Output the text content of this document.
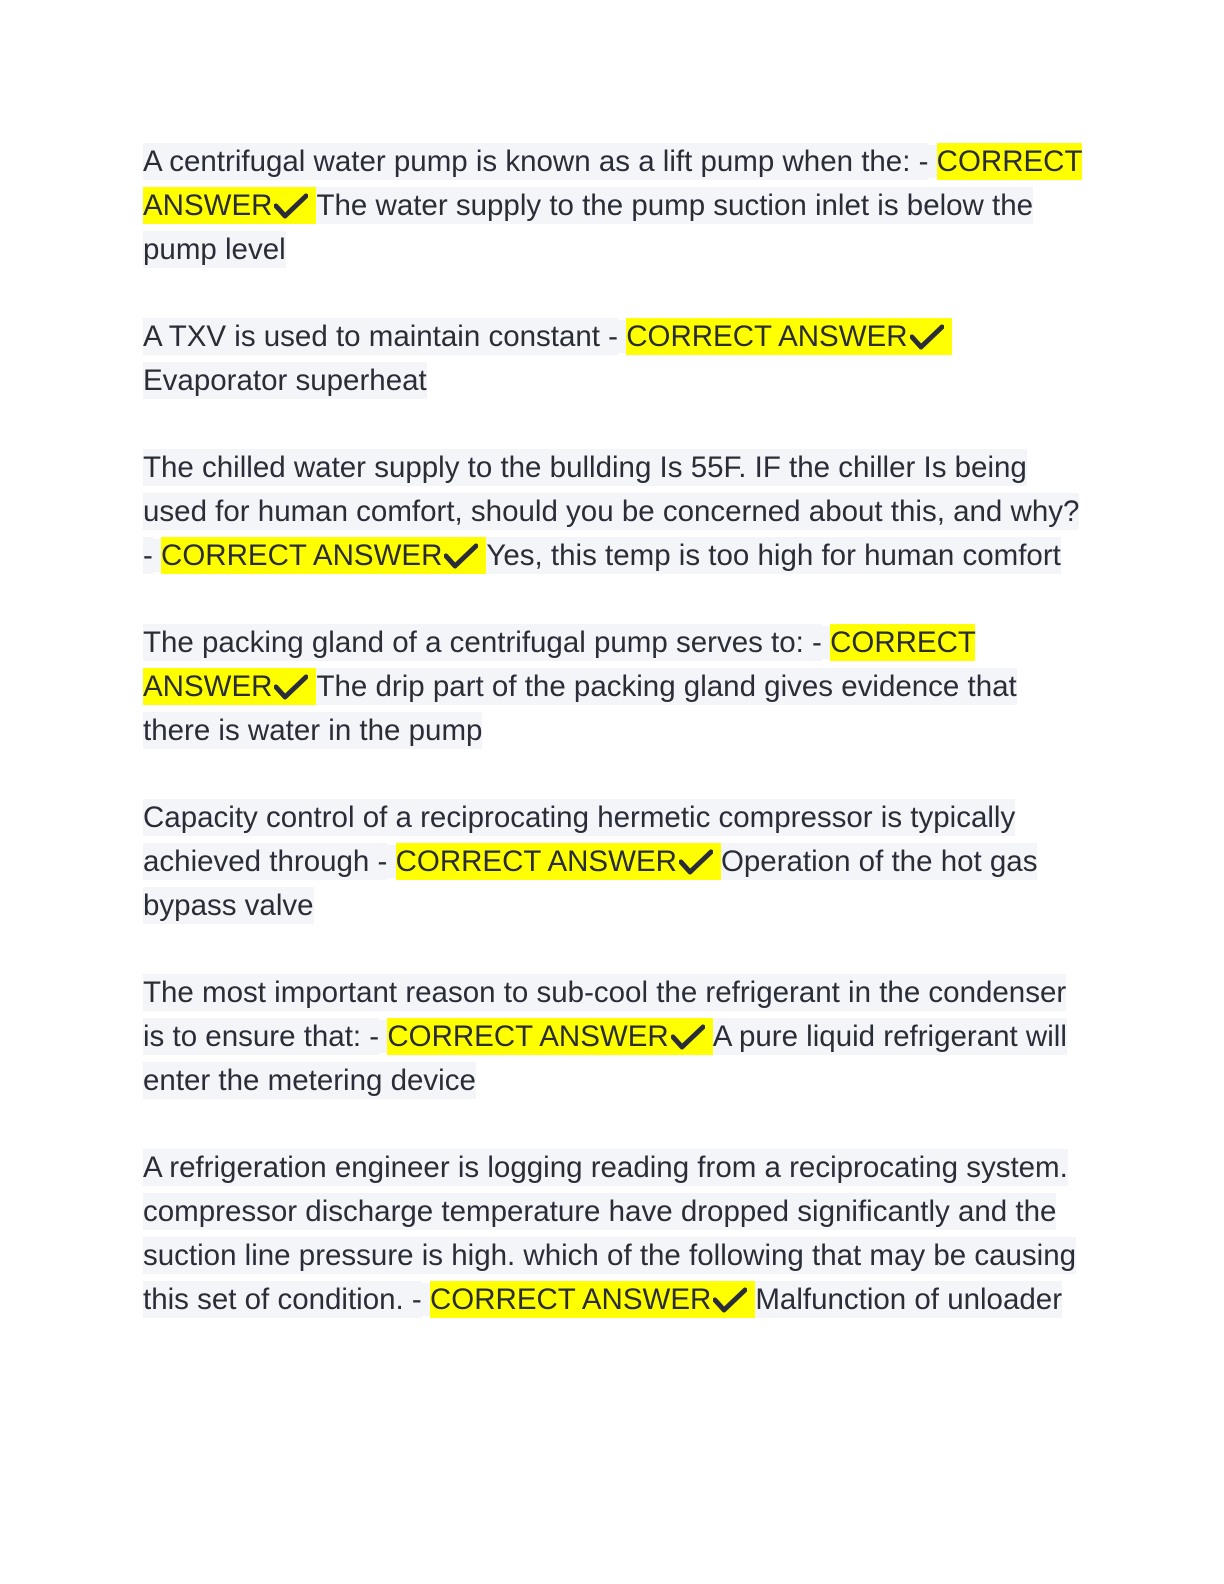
A centrifugal water pump is known as a lift pump when the: - CORRECT ANSWER The water supply to the pump suction inlet is below the pump level

A TXV is used to maintain constant - CORRECT ANSWER

Evaporator superheat

The chilled water supply to the bullding Is 55F. IF the chiller Is being used for human comfort, should you be concerned about this, and why? - CORRECT ANSWER Yes, this temp is too high for human comfort

The packing gland of a centrifugal pump serves to: - CORRECT ANSWER The drip part of the packing gland gives evidence that there is water in the pump

Capacity control of a reciprocating hermetic compressor is typically achieved through - CORRECT ANSWER Operation of the hot gas bypass valve

The most important reason to sub-cool the refrigerant in the condenser is to ensure that: - CORRECT ANSWER A pure liquid refrigerant will enter the metering device

A refrigeration engineer is logging reading from a reciprocating system. compressor discharge temperature have dropped significantly and the suction line pressure is high. which of the following that may be causing this set of condition. - CORRECT ANSWER Malfunction of unloader
